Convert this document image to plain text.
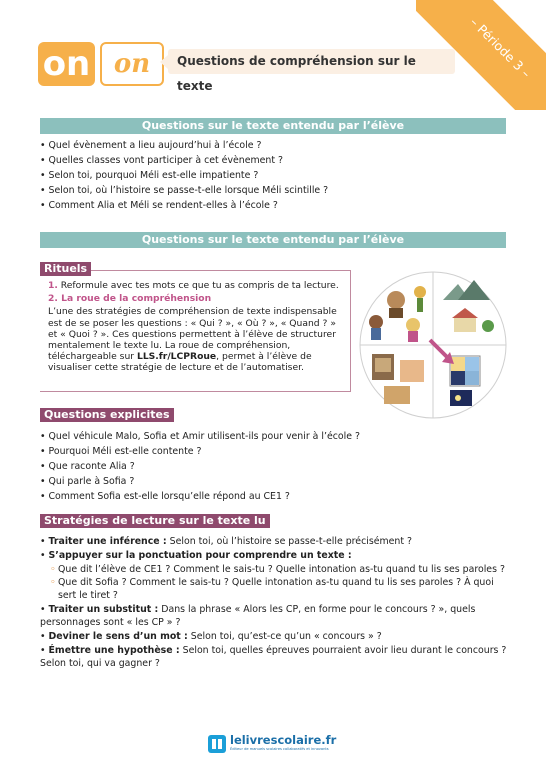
– Période 3 –
on on	Questions de compréhension sur le texte
Questions sur le texte entendu par l’élève
• Quel évènement a lieu aujourd’hui à l’école ?
• Quelles classes vont participer à cet évènement ?
• Selon toi, pourquoi Méli est-elle impatiente ?
• Selon toi, où l’histoire se passe-t-elle lorsque Méli scintille ?
• Comment Alia et Méli se rendent-elles à l’école ?
Questions sur le texte entendu par l’élève
Rituels
1. Reformule avec tes mots ce que tu as compris de ta lecture.
2. La roue de la compréhension
L’une des stratégies de compréhension de texte indispensable est de se poser les questions : « Qui ? », « Où ? », « Quand ? » et « Quoi ? ». Ces questions permettent à l’élève de structurer mentalement le texte lu. La roue de compréhension, téléchargeable sur LLS.fr/LCPRoue, permet à l’élève de visualiser cette stratégie de lecture et de l’automatiser.
Questions explicites
• Quel véhicule Malo, Sofia et Amir utilisent-ils pour venir à l’école ?
• Pourquoi Méli est-elle contente ?
• Que raconte Alia ?
• Qui parle à Sofia ?
• Comment Sofia est-elle lorsqu’elle répond au CE1 ?
Stratégies de lecture sur le texte lu
• Traiter une inférence : Selon toi, où l’histoire se passe-t-elle précisément ?
• S’appuyer sur la ponctuation pour comprendre un texte :
◦ Que dit l’élève de CE1 ? Comment le sais-tu ? Quelle intonation as-tu quand tu lis ses paroles ?
◦ Que dit Sofia ? Comment le sais-tu ? Quelle intonation as-tu quand tu lis ses paroles ? À quoi sert le tiret ?
• Traiter un substitut : Dans la phrase « Alors les CP, en forme pour le concours ? », quels personnages sont « les CP » ?
• Deviner le sens d’un mot : Selon toi, qu’est-ce qu’un « concours » ?
• Émettre une hypothèse : Selon toi, quelles épreuves pourraient avoir lieu durant le concours ? Selon toi, qui va gagner ?
lelivrescolaire.fr
Éditeur de manuels scolaires collaboratifs et innovants
